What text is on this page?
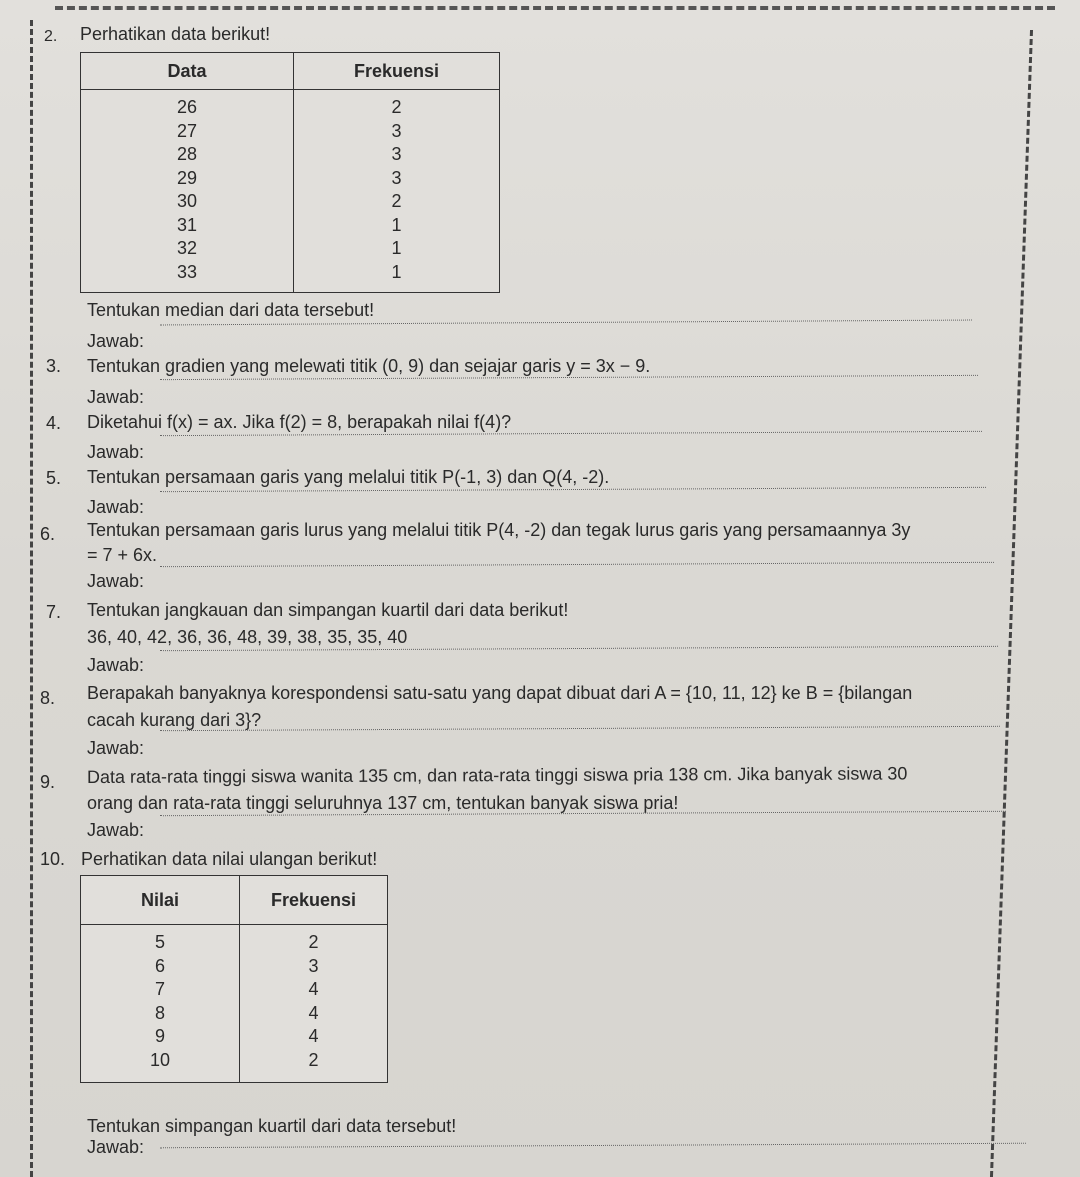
2. Perhatikan data berikut!
Data	Frekuensi
26	2
27	3
28	3
29	3
30	2
31	1
32	1
33	1
Tentukan median dari data tersebut!
Jawab:
3. Tentukan gradien yang melewati titik (0, 9) dan sejajar garis y = 3x − 9.
Jawab:
4. Diketahui f(x) = ax. Jika f(2) = 8, berapakah nilai f(4)?
Jawab:
5. Tentukan persamaan garis yang melalui titik P(-1, 3) dan Q(4, -2).
Jawab:
6. Tentukan persamaan garis lurus yang melalui titik P(4, -2) dan tegak lurus garis yang persamaannya 3y
= 7 + 6x.
Jawab:
7. Tentukan jangkauan dan simpangan kuartil dari data berikut!
36, 40, 42, 36, 36, 48, 39, 38, 35, 35, 40
Jawab:
8. Berapakah banyaknya korespondensi satu-satu yang dapat dibuat dari A = {10, 11, 12} ke B = {bilangan
cacah kurang dari 3}?
Jawab:
9. Data rata-rata tinggi siswa wanita 135 cm, dan rata-rata tinggi siswa pria 138 cm. Jika banyak siswa 30
orang dan rata-rata tinggi seluruhnya 137 cm, tentukan banyak siswa pria!
Jawab:
10. Perhatikan data nilai ulangan berikut!
Nilai	Frekuensi
5	2
6	3
7	4
8	4
9	4
10	2
Tentukan simpangan kuartil dari data tersebut!
Jawab:
